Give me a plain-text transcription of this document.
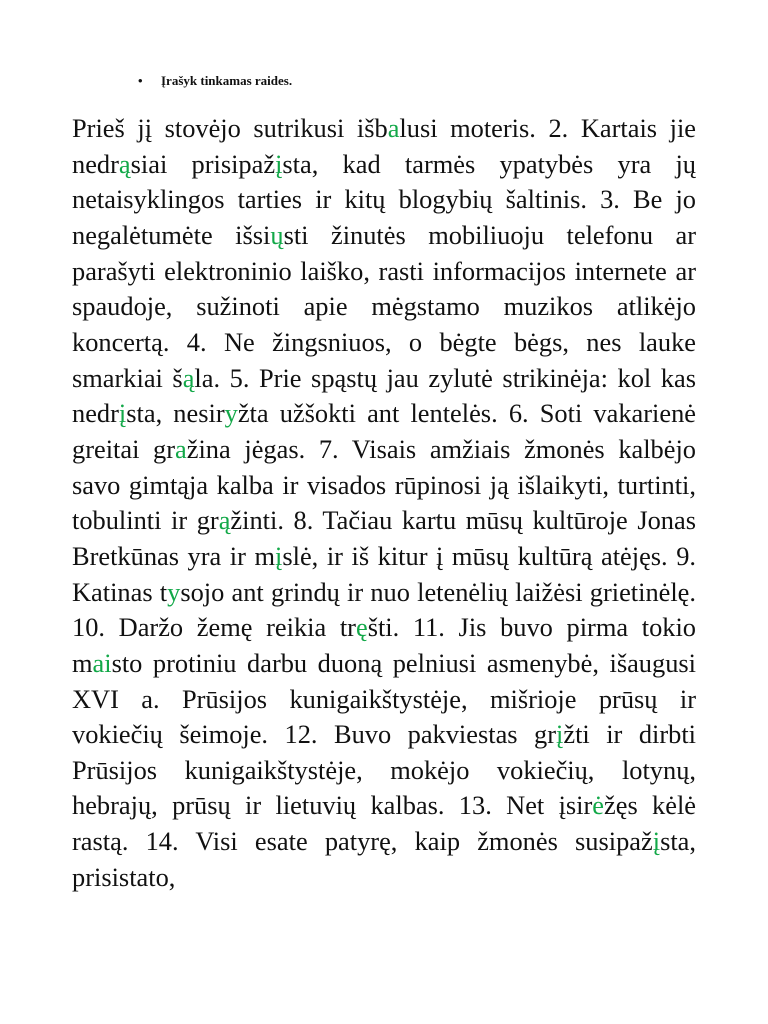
• Įrašyk tinkamas raides.

Prieš jį stovėjo sutrikusi išbalusi moteris. 2. Kartais jie nedrąsiai prisipažįsta, kad tarmės ypatybės yra jų netaisyklingos tarties ir kitų blogybių šaltinis. 3. Be jo negalėtumėte išsiųsti žinutės mobiliuoju telefonu ar parašyti elektroninio laiško, rasti informacijos internete ar spaudoje, sužinoti apie mėgstamo muzikos atlikėjo koncertą. 4. Ne žingsniuos, o bėgte bėgs, nes lauke smarkiai šąla. 5. Prie spąstų jau zylutė strikinėja: kol kas nedrįsta, nesiryžta užšokti ant lentelės. 6. Soti vakarienė greitai gražina jėgas. 7. Visais amžiais žmonės kalbėjo savo gimtąja kalba ir visados rūpinosi ją išlaikyti, turtinti, tobulinti ir grąžinti. 8. Tačiau kartu mūsų kultūroje Jonas Bretkūnas yra ir mįslė, ir iš kitur į mūsų kultūrą atėjęs. 9. Katinas tysojo ant grindų ir nuo letenėlių laižėsi grietinėlę. 10. Daržo žemę reikia tręšti. 11. Jis buvo pirma tokio maisto protiniu darbu duoną pelniusi asmenybė, išaugusi XVI a. Prūsijos kunigaikštystėje, mišrioje prūsų ir vokiečių šeimoje. 12. Buvo pakviestas grįžti ir dirbti Prūsijos kunigaikštystėje, mokėjo vokiečių, lotynų, hebrajų, prūsų ir lietuvių kalbas. 13. Net įsirėžęs kėlė rastą. 14. Visi esate patyrę, kaip žmonės susipažįsta, prisistato,
